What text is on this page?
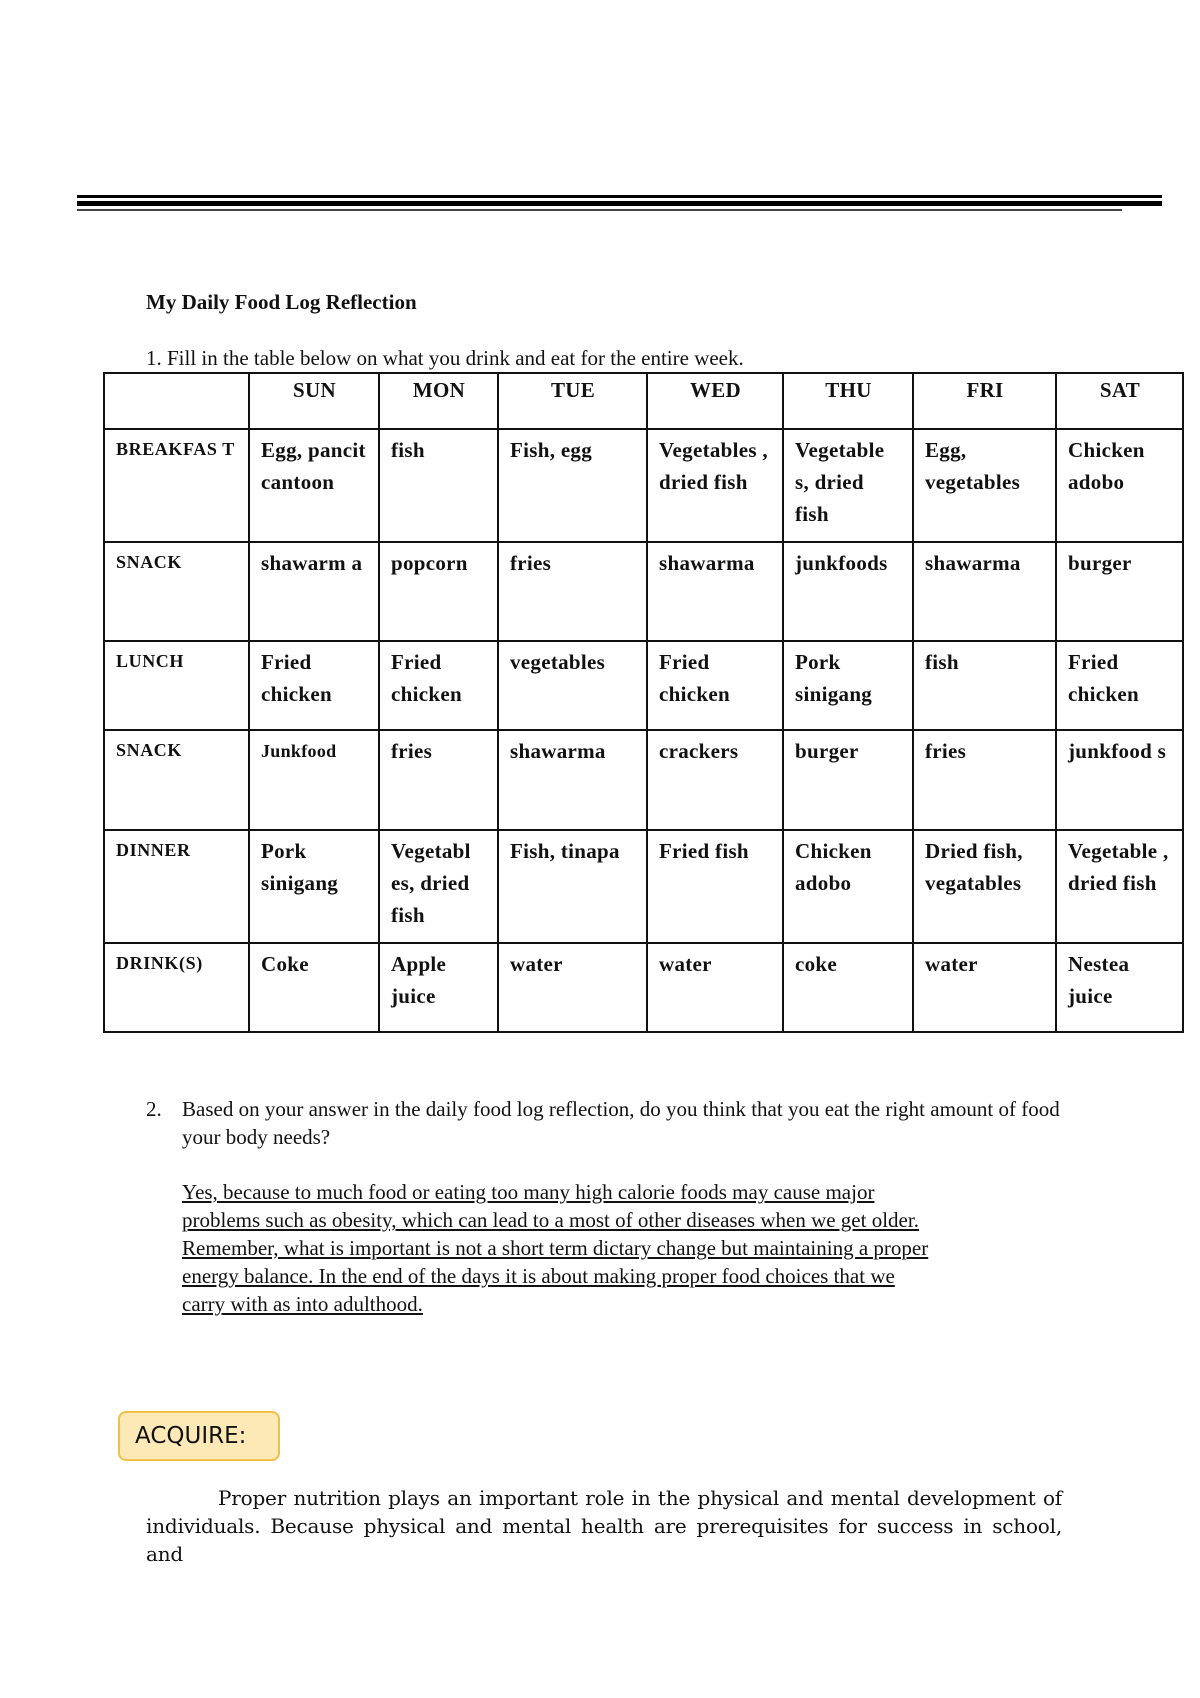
My Daily Food Log Reflection
1. Fill in the table below on what you drink and eat for the entire week.
	SUN	MON	TUE	WED	THU	FRI	SAT
BREAKFAS T	Egg, pancit cantoon	fish	Fish, egg	Vegetables , dried fish	Vegetable s, dried fish	Egg, vegetables	Chicken adobo
SNACK	shawarm a	popcorn	fries	shawarma	junkfoods	shawarma	burger
LUNCH	Fried chicken	Fried chicken	vegetables	Fried chicken	Pork sinigang	fish	Fried chicken
SNACK	Junkfood	fries	shawarma	crackers	burger	fries	junkfood s
DINNER	Pork sinigang	Vegetabl es, dried fish	Fish, tinapa	Fried fish	Chicken adobo	Dried fish, vegatables	Vegetable , dried fish
DRINK(S)	Coke	Apple juice	water	water	coke	water	Nestea juice
2. Based on your answer in the daily food log reflection, do you think that you eat the right amount of food your body needs?
Yes, because to much food or eating too many high calorie foods may cause major
problems such as obesity, which can lead to a most of other diseases when we get older.
Remember, what is important is not a short term dictary change but maintaining a proper
energy balance. In the end of the days it is about making proper food choices that we
carry with as into adulthood.
ACQUIRE:
Proper nutrition plays an important role in the physical and mental development of individuals. Because physical and mental health are prerequisites for success in school, and
